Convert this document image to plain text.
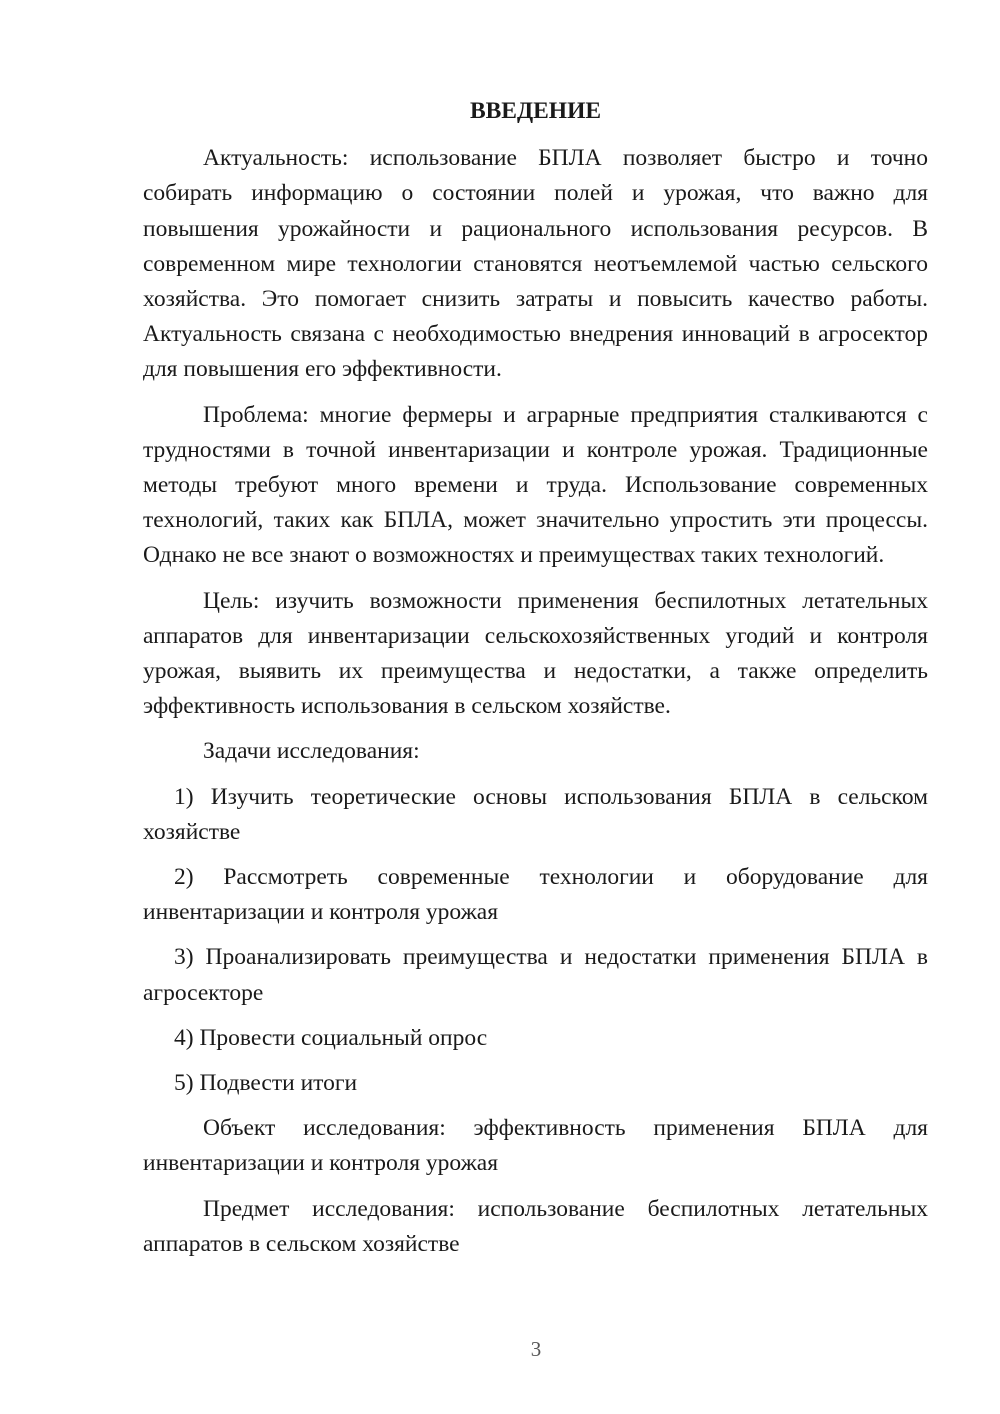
ВВЕДЕНИЕ

Актуальность: использование БПЛА позволяет быстро и точно собирать информацию о состоянии полей и урожая, что важно для повышения урожайности и рационального использования ресурсов. В современном мире технологии становятся неотъемлемой частью сельского хозяйства. Это помогает снизить затраты и повысить качество работы. Актуальность связана с необходимостью внедрения инноваций в агросектор для повышения его эффективности.

Проблема: многие фермеры и аграрные предприятия сталкиваются с трудностями в точной инвентаризации и контроле урожая. Традиционные методы требуют много времени и труда. Использование современных технологий, таких как БПЛА, может значительно упростить эти процессы. Однако не все знают о возможностях и преимуществах таких технологий.

Цель: изучить возможности применения беспилотных летательных аппаратов для инвентаризации сельскохозяйственных угодий и контроля урожая, выявить их преимущества и недостатки, а также определить эффективность использования в сельском хозяйстве.

Задачи исследования:

1) Изучить теоретические основы использования БПЛА в сельском хозяйстве

2) Рассмотреть современные технологии и оборудование для инвентаризации и контроля урожая

3) Проанализировать преимущества и недостатки применения БПЛА в агросекторе

4) Провести социальный опрос

5) Подвести итоги

Объект исследования: эффективность применения БПЛА для инвентаризации и контроля урожая

Предмет исследования: использование беспилотных летательных аппаратов в сельском хозяйстве

3
